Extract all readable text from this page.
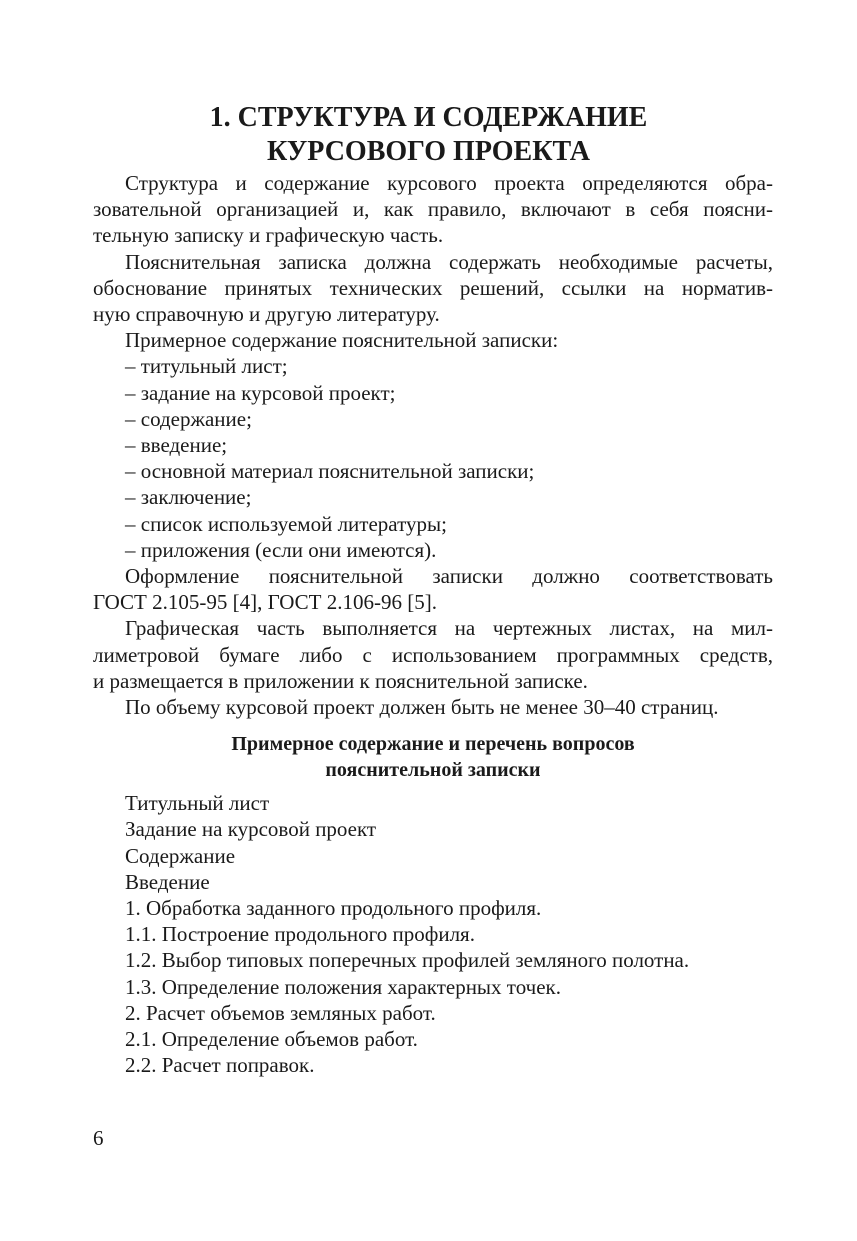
1. СТРУКТУРА И СОДЕРЖАНИЕ
КУРСОВОГО ПРОЕКТА
Структура и содержание курсового проекта определяются обра-
зовательной организацией и, как правило, включают в себя поясни-
тельную записку и графическую часть.
Пояснительная записка должна содержать необходимые расчеты,
обоснование принятых технических решений, ссылки на норматив-
ную справочную и другую литературу.
Примерное содержание пояснительной записки:
– титульный лист;
– задание на курсовой проект;
– содержание;
– введение;
– основной материал пояснительной записки;
– заключение;
– список используемой литературы;
– приложения (если они имеются).
Оформление пояснительной записки должно соответствовать
ГОСТ 2.105-95 [4], ГОСТ 2.106-96 [5].
Графическая часть выполняется на чертежных листах, на мил-
лиметровой бумаге либо с использованием программных средств,
и размещается в приложении к пояснительной записке.
По объему курсовой проект должен быть не менее 30–40 страниц.
Примерное содержание и перечень вопросов
пояснительной записки
Титульный лист
Задание на курсовой проект
Содержание
Введение
1. Обработка заданного продольного профиля.
1.1. Построение продольного профиля.
1.2. Выбор типовых поперечных профилей земляного полотна.
1.3. Определение положения характерных точек.
2. Расчет объемов земляных работ.
2.1. Определение объемов работ.
2.2. Расчет поправок.
6
